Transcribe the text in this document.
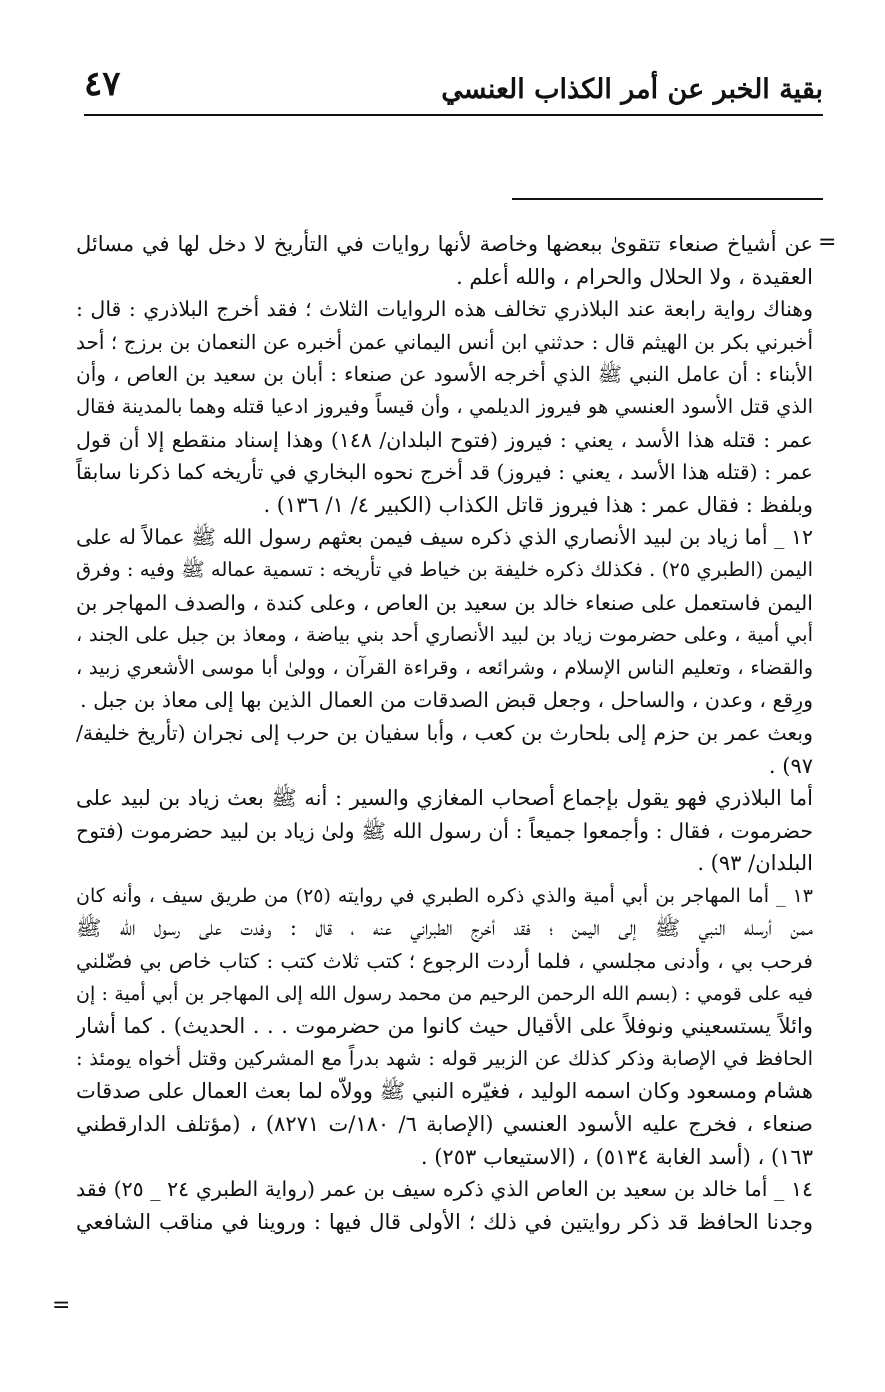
٤٧	بقية الخبر عن أمر الكذاب العنسي
=
=
عن أشياخ صنعاء تتقوىٰ ببعضها وخاصة لأنها روايات في التأريخ لا دخل لها في مسائل
العقيدة ، ولا الحلال والحرام ، والله أعلم .
وهناك رواية رابعة عند البلاذري تخالف هذه الروايات الثلاث ؛ فقد أخرج البلاذري : قال :
أخبرني بكر بن الهيثم قال : حدثني ابن أنس اليماني عمن أخبره عن النعمان بن برزج ؛ أحد
الأبناء : أن عامل النبي ﷺ الذي أخرجه الأسود عن صنعاء : أبان بن سعيد بن العاص ، وأن
الذي قتل الأسود العنسي هو فيروز الديلمي ، وأن قيساً وفيروز ادعيا قتله وهما بالمدينة فقال
عمر : قتله هذا الأسد ، يعني : فيروز (فتوح البلدان/ ١٤٨) وهذا إسناد منقطع إلا أن قول
عمر : (قتله هذا الأسد ، يعني : فيروز) قد أخرج نحوه البخاري في تأريخه كما ذكرنا سابقاً
وبلفظ : فقال عمر : هذا فيروز قاتل الكذاب (الكبير ٤/ ١/ ١٣٦) .
١٢ _ أما زياد بن لبيد الأنصاري الذي ذكره سيف فيمن بعثهم رسول الله ﷺ عمالاً له على
اليمن (الطبري ٢٥) . فكذلك ذكره خليفة بن خياط في تأريخه : تسمية عماله ﷺ وفيه : وفرق
اليمن فاستعمل على صنعاء خالد بن سعيد بن العاص ، وعلى كندة ، والصدف المهاجر بن
أبي أمية ، وعلى حضرموت زياد بن لبيد الأنصاري أحد بني بياضة ، ومعاذ بن جبل على الجند ،
والقضاء ، وتعليم الناس الإسلام ، وشرائعه ، وقراءة القرآن ، وولىٰ أبا موسى الأشعري زبيد ،
ورِقع ، وعدن ، والساحل ، وجعل قبض الصدقات من العمال الذين بها إلى معاذ بن جبل .
وبعث عمر بن حزم إلى بلحارث بن كعب ، وأبا سفيان بن حرب إلى نجران (تأريخ خليفة/
٩٧) .
أما البلاذري فهو يقول بإجماع أصحاب المغازي والسير : أنه ﷺ بعث زياد بن لبيد على
حضرموت ، فقال : وأجمعوا جميعاً : أن رسول الله ﷺ ولىٰ زياد بن لبيد حضرموت (فتوح
البلدان/ ٩٣) .
١٣ _ أما المهاجر بن أبي أمية والذي ذكره الطبري في روايته (٢٥) من طريق سيف ، وأنه كان
ممن أرسله النبي ﷺ إلى اليمن ؛ فقد أخرج الطبراني عنه ، قال : وفدت على رسول الله ﷺ
فرحب بي ، وأدنى مجلسي ، فلما أردت الرجوع ؛ كتب ثلاث كتب : كتاب خاص بي فضّلني
فيه على قومي : (بسم الله الرحمن الرحيم من محمد رسول الله إلى المهاجر بن أبي أمية : إن
وائلاً يستسعيني ونوفلاً على الأقيال حيث كانوا من حضرموت . . . الحديث) . كما أشار
الحافظ في الإصابة وذكر كذلك عن الزبير قوله : شهد بدراً مع المشركين وقتل أخواه يومئذ :
هشام ومسعود وكان اسمه الوليد ، فغيّره النبي ﷺ وولاّه لما بعث العمال على صدقات
صنعاء ، فخرج عليه الأسود العنسي (الإصابة ٦/ ١٨٠/ت ٨٢٧١) ، (مؤتلف الدارقطني
١٦٣) ، (أسد الغابة ٥١٣٤) ، (الاستيعاب ٢٥٣) .
١٤ _ أما خالد بن سعيد بن العاص الذي ذكره سيف بن عمر (رواية الطبري ٢٤ _ ٢٥) فقد
وجدنا الحافظ قد ذكر روايتين في ذلك ؛ الأولى قال فيها : وروينا في مناقب الشافعي
